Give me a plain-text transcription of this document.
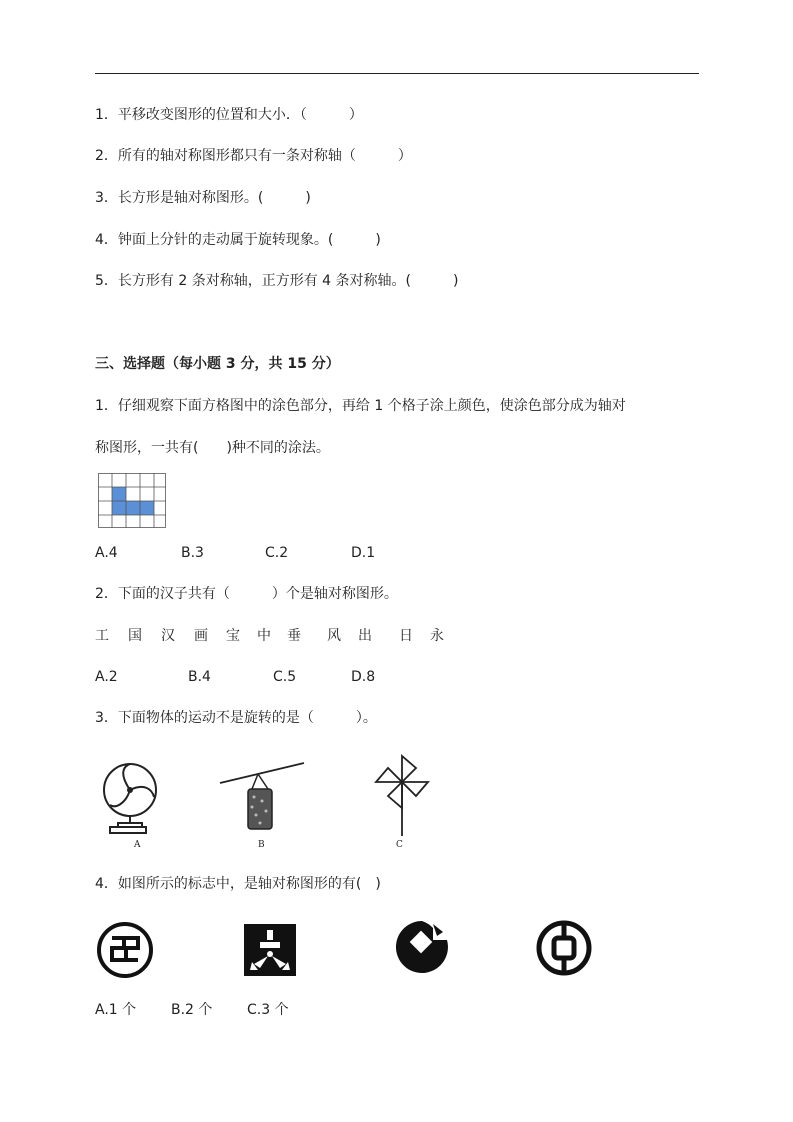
1．平移改变图形的位置和大小．（　　　）
2．所有的轴对称图形都只有一条对称轴（　　　）
3．长方形是轴对称图形。(　　　)
4．钟面上分针的走动属于旋转现象。(　　　)
5．长方形有 2 条对称轴，正方形有 4 条对称轴。(　　　)
三、选择题（每小题 3 分，共 15 分）
1．仔细观察下面方格图中的涂色部分，再给 1 个格子涂上颜色，使涂色部分成为轴对
称图形，一共有(　　)种不同的涂法。
A.4	B.3	C.2	D.1
2．下面的汉子共有（　　　）个是轴对称图形。
工 国 汉 画 宝 中 垂 风 出 日 永
A.2	B.4	C.5	D.8
3．下面物体的运动不是旋转的是（　　　）。
A	B	C
4．如图所示的标志中，是轴对称图形的有(　)
A.1 个 B.2 个 C.3 个
